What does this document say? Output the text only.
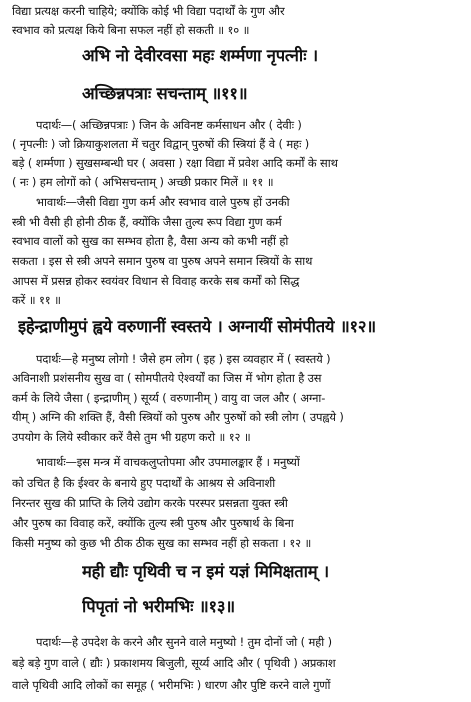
विद्या प्रत्यक्ष करनी चाहिये; क्योंकि कोई भी विद्या पदार्थों के गुण और
स्वभाव को प्रत्यक्ष किये बिना सफल नहीं हो सकती ॥ १० ॥
अभि नो देवीरवसा महः शर्म्मणा नृपत्नीः ।
अच्छिन्नपत्राः सचन्ताम् ॥११॥
पदार्थः—( अच्छिन्नपत्राः ) जिन के अविनष्ट कर्मसाधन और ( देवीः )
( नृपत्नीः ) जो क्रियाकुशलता में चतुर विद्वान् पुरुषों की स्त्रियां हैं वे ( महः )
बड़े ( शर्म्मणा ) सुखसम्बन्धी घर ( अवसा ) रक्षा विद्या में प्रवेश आदि कर्मों के साथ
( नः ) हम लोगों को ( अभिसचन्ताम् ) अच्छी प्रकार मिलें ॥ ११ ॥
भावार्थः—जैसी विद्या गुण कर्म और स्वभाव वाले पुरुष हों उनकी
स्त्री भी वैसी ही होनी ठीक हैं, क्योंकि जैसा तुल्य रूप विद्या गुण कर्म
स्वभाव वालों को सुख का सम्भव होता है, वैसा अन्य को कभी नहीं हो
सकता । इस से स्त्री अपने समान पुरुष वा पुरुष अपने समान स्त्रियों के साथ
आपस में प्रसन्न होकर स्वयंवर विधान से विवाह करके सब कर्मों को सिद्ध
करें ॥ ११ ॥
इहेन्द्राणीमुपं ह्वये वरुणानीं स्वस्तये । अग्नायीं सोमंपीतये ॥१२॥
पदार्थः—हे मनुष्य लोगो ! जैसे हम लोग ( इह ) इस व्यवहार में ( स्वस्तये )
अविनाशी प्रशंसनीय सुख वा ( सोमपीतये ऐश्वर्यों का जिस में भोग होता है उस
कर्म के लिये जैसा ( इन्द्राणीम् ) सूर्य्य ( वरुणानीम् ) वायु वा जल और ( अग्ना-
यीम् ) अग्नि की शक्ति हैं, वैसी स्त्रियों को पुरुष और पुरुषों को स्त्री लोग ( उपह्वये )
उपयोग के लिये स्वीकार करें वैसे तुम भी ग्रहण करो ॥ १२ ॥
भावार्थः—इस मन्त्र में वाचकलुप्तोपमा और उपमालङ्कार हैं । मनुष्यों
को उचित है कि ईश्वर के बनाये हुए पदार्थों के आश्रय से अविनाशी
निरन्तर सुख की प्राप्ति के लिये उद्योग करके परस्पर प्रसन्नता युक्त स्त्री
और पुरुष का विवाह करें, क्योंकि तुल्य स्त्री पुरुष और पुरुषार्थ के बिना
किसी मनुष्य को कुछ भी ठीक ठीक सुख का सम्भव नहीं हो सकता । १२ ॥
मही द्यौः पृथिवी च न इमं यज्ञं मिमिक्षताम् ।
पिपृतां नो भरीमभिः ॥१३॥
पदार्थः—हे उपदेश के करने और सुनने वाले मनुष्यो ! तुम दोनों जो ( मही )
बड़े बड़े गुण वाले ( द्यौः ) प्रकाशमय बिजुली, सूर्य्य आदि और ( पृथिवी ) अप्रकाश
वाले पृथिवी आदि लोकों का समूह ( भरीमभिः ) धारण और पुष्टि करने वाले गुणों
